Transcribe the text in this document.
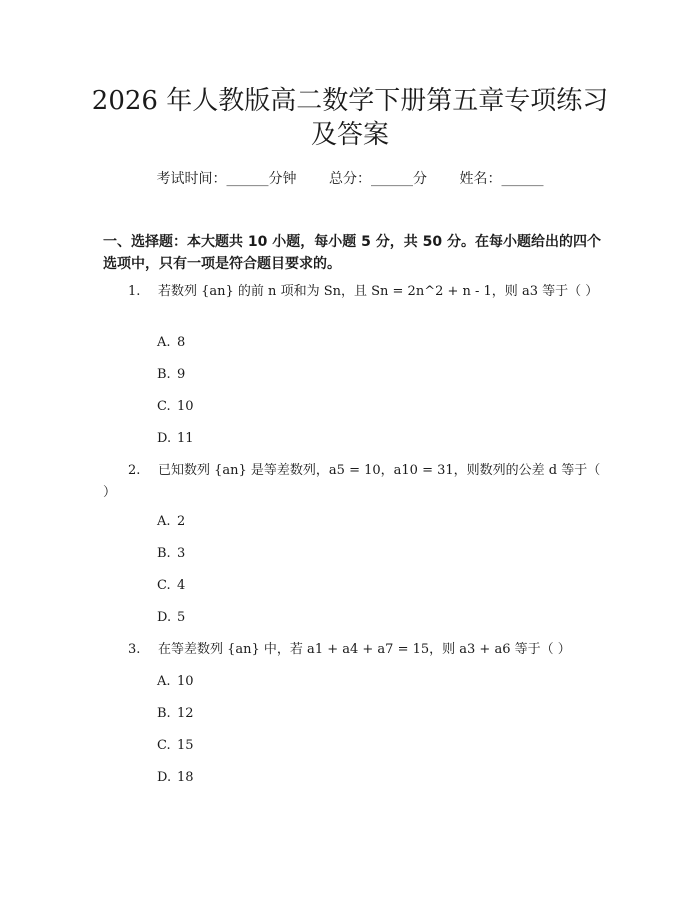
2026 年人教版高二数学下册第五章专项练习
及答案
考试时间：______分钟 总分：______分 姓名：______
一、选择题：本大题共 10 小题，每小题 5 分，共 50 分。在每小题给出的四个选项中，只有一项是符合题目要求的。
1. 若数列 {an} 的前 n 项和为 Sn，且 Sn = 2n^2 + n - 1，则 a3 等于（ ）
A. 8
B. 9
C. 10
D. 11
2. 已知数列 {an} 是等差数列，a5 = 10，a10 = 31，则数列的公差 d 等于（ ）
A. 2
B. 3
C. 4
D. 5
3. 在等差数列 {an} 中，若 a1 + a4 + a7 = 15，则 a3 + a6 等于（ ）
A. 10
B. 12
C. 15
D. 18
